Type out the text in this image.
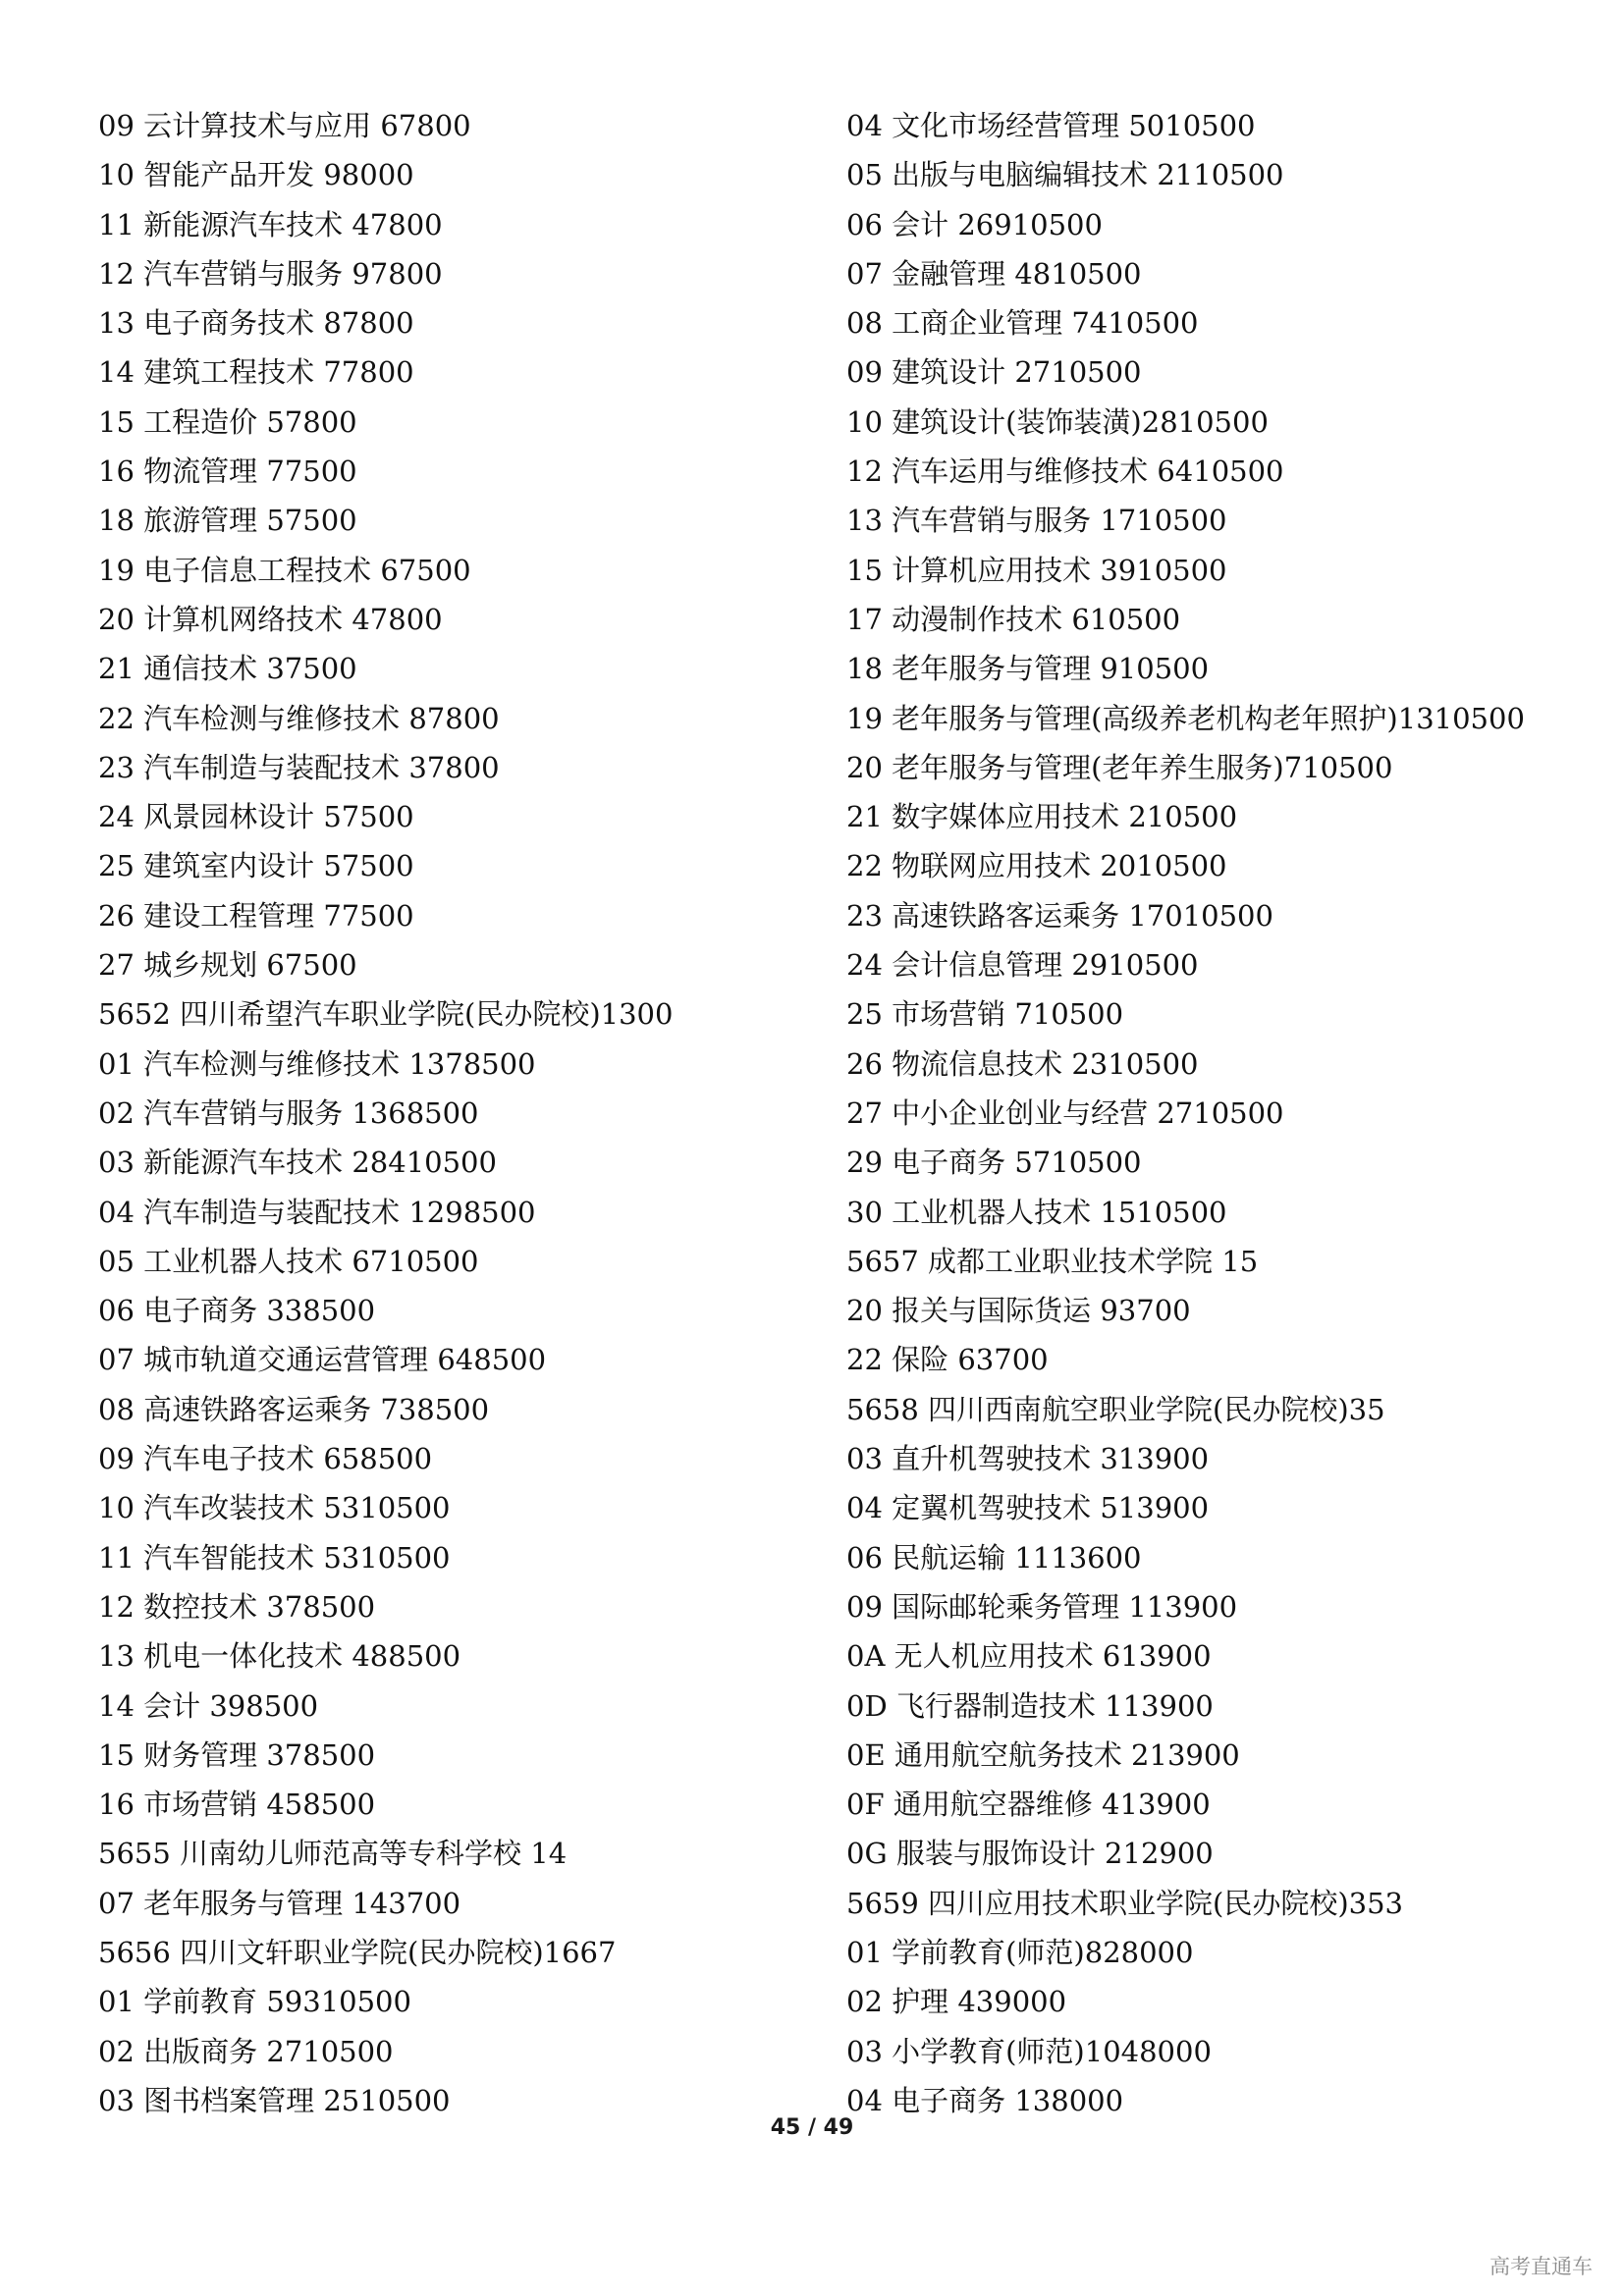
09 云计算技术与应用 67800
10 智能产品开发 98000
11 新能源汽车技术 47800
12 汽车营销与服务 97800
13 电子商务技术 87800
14 建筑工程技术 77800
15 工程造价 57800
16 物流管理 77500
18 旅游管理 57500
19 电子信息工程技术 67500
20 计算机网络技术 47800
21 通信技术 37500
22 汽车检测与维修技术 87800
23 汽车制造与装配技术 37800
24 风景园林设计 57500
25 建筑室内设计 57500
26 建设工程管理 77500
27 城乡规划 67500
5652 四川希望汽车职业学院(民办院校)1300
01 汽车检测与维修技术 1378500
02 汽车营销与服务 1368500
03 新能源汽车技术 28410500
04 汽车制造与装配技术 1298500
05 工业机器人技术 6710500
06 电子商务 338500
07 城市轨道交通运营管理 648500
08 高速铁路客运乘务 738500
09 汽车电子技术 658500
10 汽车改装技术 5310500
11 汽车智能技术 5310500
12 数控技术 378500
13 机电一体化技术 488500
14 会计 398500
15 财务管理 378500
16 市场营销 458500
5655 川南幼儿师范高等专科学校 14
07 老年服务与管理 143700
5656 四川文轩职业学院(民办院校)1667
01 学前教育 59310500
02 出版商务 2710500
03 图书档案管理 2510500
04 文化市场经营管理 5010500
05 出版与电脑编辑技术 2110500
06 会计 26910500
07 金融管理 4810500
08 工商企业管理 7410500
09 建筑设计 2710500
10 建筑设计(装饰装潢)2810500
12 汽车运用与维修技术 6410500
13 汽车营销与服务 1710500
15 计算机应用技术 3910500
17 动漫制作技术 610500
18 老年服务与管理 910500
19 老年服务与管理(高级养老机构老年照护)1310500
20 老年服务与管理(老年养生服务)710500
21 数字媒体应用技术 210500
22 物联网应用技术 2010500
23 高速铁路客运乘务 17010500
24 会计信息管理 2910500
25 市场营销 710500
26 物流信息技术 2310500
27 中小企业创业与经营 2710500
29 电子商务 5710500
30 工业机器人技术 1510500
5657 成都工业职业技术学院 15
20 报关与国际货运 93700
22 保险 63700
5658 四川西南航空职业学院(民办院校)35
03 直升机驾驶技术 313900
04 定翼机驾驶技术 513900
06 民航运输 1113600
09 国际邮轮乘务管理 113900
0A 无人机应用技术 613900
0D 飞行器制造技术 113900
0E 通用航空航务技术 213900
0F 通用航空器维修 413900
0G 服装与服饰设计 212900
5659 四川应用技术职业学院(民办院校)353
01 学前教育(师范)828000
02 护理 439000
03 小学教育(师范)1048000
04 电子商务 138000
45 / 49
高考直通车
